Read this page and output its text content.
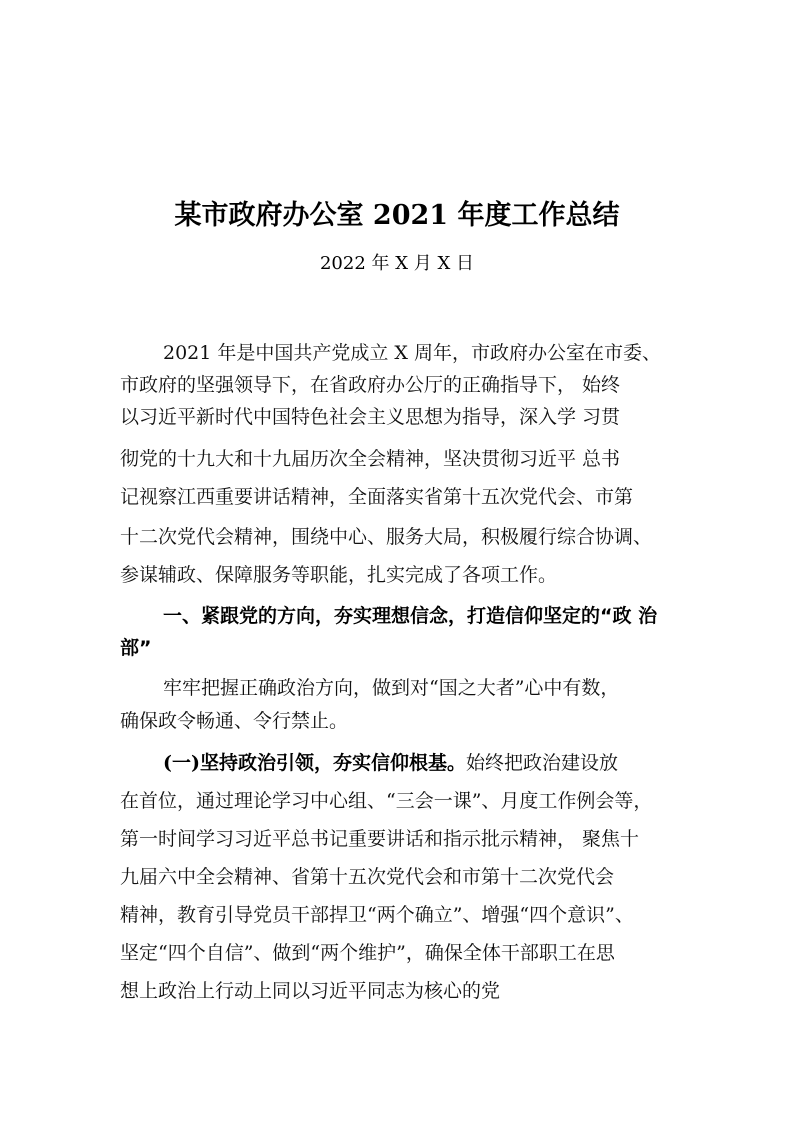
某市政府办公室 2021 年度工作总结
2022 年 X 月 X 日
2021 年是中国共产党成立 X 周年，市政府办公室在市委、
市政府的坚强领导下，在省政府办公厅的正确指导下， 始终
以习近平新时代中国特色社会主义思想为指导，深入学 习贯
彻党的十九大和十九届历次全会精神，坚决贯彻习近平 总书
记视察江西重要讲话精神，全面落实省第十五次党代会、市第
十二次党代会精神，围绕中心、服务大局，积极履行综合协调、
参谋辅政、保障服务等职能，扎实完成了各项工作。
一、紧跟党的方向，夯实理想信念，打造信仰坚定的“政 治
部”
牢牢把握正确政治方向，做到对“国之大者”心中有数，
确保政令畅通、令行禁止。
(一)坚持政治引领，夯实信仰根基。始终把政治建设放
在首位，通过理论学习中心组、“三会一课”、月度工作例会等，
第一时间学习习近平总书记重要讲话和指示批示精神， 聚焦十
九届六中全会精神、省第十五次党代会和市第十二次党代会
精神，教育引导党员干部捍卫“两个确立”、增强“四个意识”、
坚定“四个自信”、做到“两个维护”，确保全体干部职工在思
想上政治上行动上同以习近平同志为核心的党
